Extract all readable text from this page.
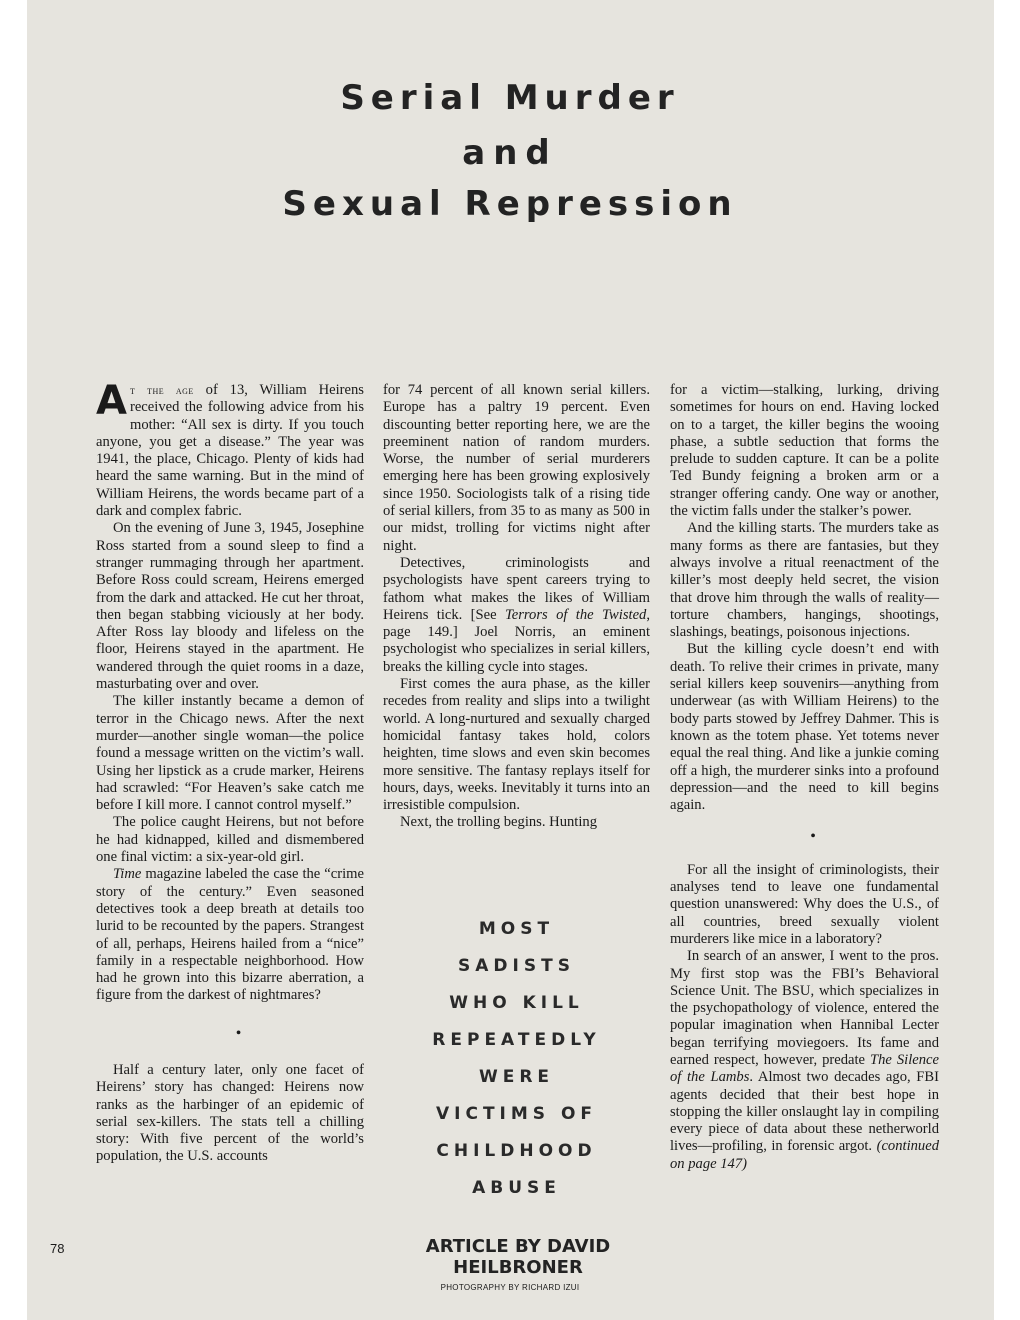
Serial Murder
and
Sexual Repression

At the age of 13, William Heirens received the following advice from his mother: “All sex is dirty. If you touch anyone, you get a disease.” The year was 1941, the place, Chicago. Plenty of kids had heard the same warning. But in the mind of William Heirens, the words became part of a dark and complex fabric.

On the evening of June 3, 1945, Josephine Ross started from a sound sleep to find a stranger rummaging through her apartment. Before Ross could scream, Heirens emerged from the dark and attacked. He cut her throat, then began stabbing viciously at her body. After Ross lay bloody and lifeless on the floor, Heirens stayed in the apartment. He wandered through the quiet rooms in a daze, masturbating over and over.

The killer instantly became a demon of terror in the Chicago news. After the next murder—another single woman—the police found a message written on the victim’s wall. Using her lipstick as a crude marker, Heirens had scrawled: “For Heaven’s sake catch me before I kill more. I cannot control myself.”

The police caught Heirens, but not before he had kidnapped, killed and dismembered one final victim: a six-year-old girl.

Time magazine labeled the case the “crime story of the century.” Even seasoned detectives took a deep breath at details too lurid to be recounted by the papers. Strangest of all, perhaps, Heirens hailed from a “nice” family in a respectable neighborhood. How had he grown into this bizarre aberration, a figure from the darkest of nightmares?

•

Half a century later, only one facet of Heirens’ story has changed: Heirens now ranks as the harbinger of an epidemic of serial sex-killers. The stats tell a chilling story: With five percent of the world’s population, the U.S. accounts

for 74 percent of all known serial killers. Europe has a paltry 19 percent. Even discounting better reporting here, we are the preeminent nation of random murders. Worse, the number of serial murderers emerging here has been growing explosively since 1950. Sociologists talk of a rising tide of serial killers, from 35 to as many as 500 in our midst, trolling for victims night after night.

Detectives, criminologists and psychologists have spent careers trying to fathom what makes the likes of William Heirens tick. [See Terrors of the Twisted, page 149.] Joel Norris, an eminent psychologist who specializes in serial killers, breaks the killing cycle into stages.

First comes the aura phase, as the killer recedes from reality and slips into a twilight world. A long-nurtured and sexually charged homicidal fantasy takes hold, colors heighten, time slows and even skin becomes more sensitive. The fantasy replays itself for hours, days, weeks. Inevitably it turns into an irresistible compulsion.

Next, the trolling begins. Hunting

MOST
SADISTS
WHO KILL
REPEATEDLY
WERE
VICTIMS OF
CHILDHOOD
ABUSE
ARTICLE BY DAVID HEILBRONER

for a victim—stalking, lurking, driving sometimes for hours on end. Having locked on to a target, the killer begins the wooing phase, a subtle seduction that forms the prelude to sudden capture. It can be a polite Ted Bundy feigning a broken arm or a stranger offering candy. One way or another, the victim falls under the stalker’s power.

And the killing starts. The murders take as many forms as there are fantasies, but they always involve a ritual reenactment of the killer’s most deeply held secret, the vision that drove him through the walls of reality—torture chambers, hangings, shootings, slashings, beatings, poisonous injections.

But the killing cycle doesn’t end with death. To relive their crimes in private, many serial killers keep souvenirs—anything from underwear (as with William Heirens) to the body parts stowed by Jeffrey Dahmer. This is known as the totem phase. Yet totems never equal the real thing. And like a junkie coming off a high, the murderer sinks into a profound depression—and the need to kill begins again.

•

For all the insight of criminologists, their analyses tend to leave one fundamental question unanswered: Why does the U.S., of all countries, breed sexually violent murderers like mice in a laboratory?

In search of an answer, I went to the pros. My first stop was the FBI’s Behavioral Science Unit. The BSU, which specializes in the psychopathology of violence, entered the popular imagination when Hannibal Lecter began terrifying moviegoers. Its fame and earned respect, however, predate The Silence of the Lambs. Almost two decades ago, FBI agents decided that their best hope in stopping the killer onslaught lay in compiling every piece of data about these netherworld lives—profiling, in forensic argot. (continued on page 147)

78
PHOTOGRAPHY BY RICHARD IZUI
